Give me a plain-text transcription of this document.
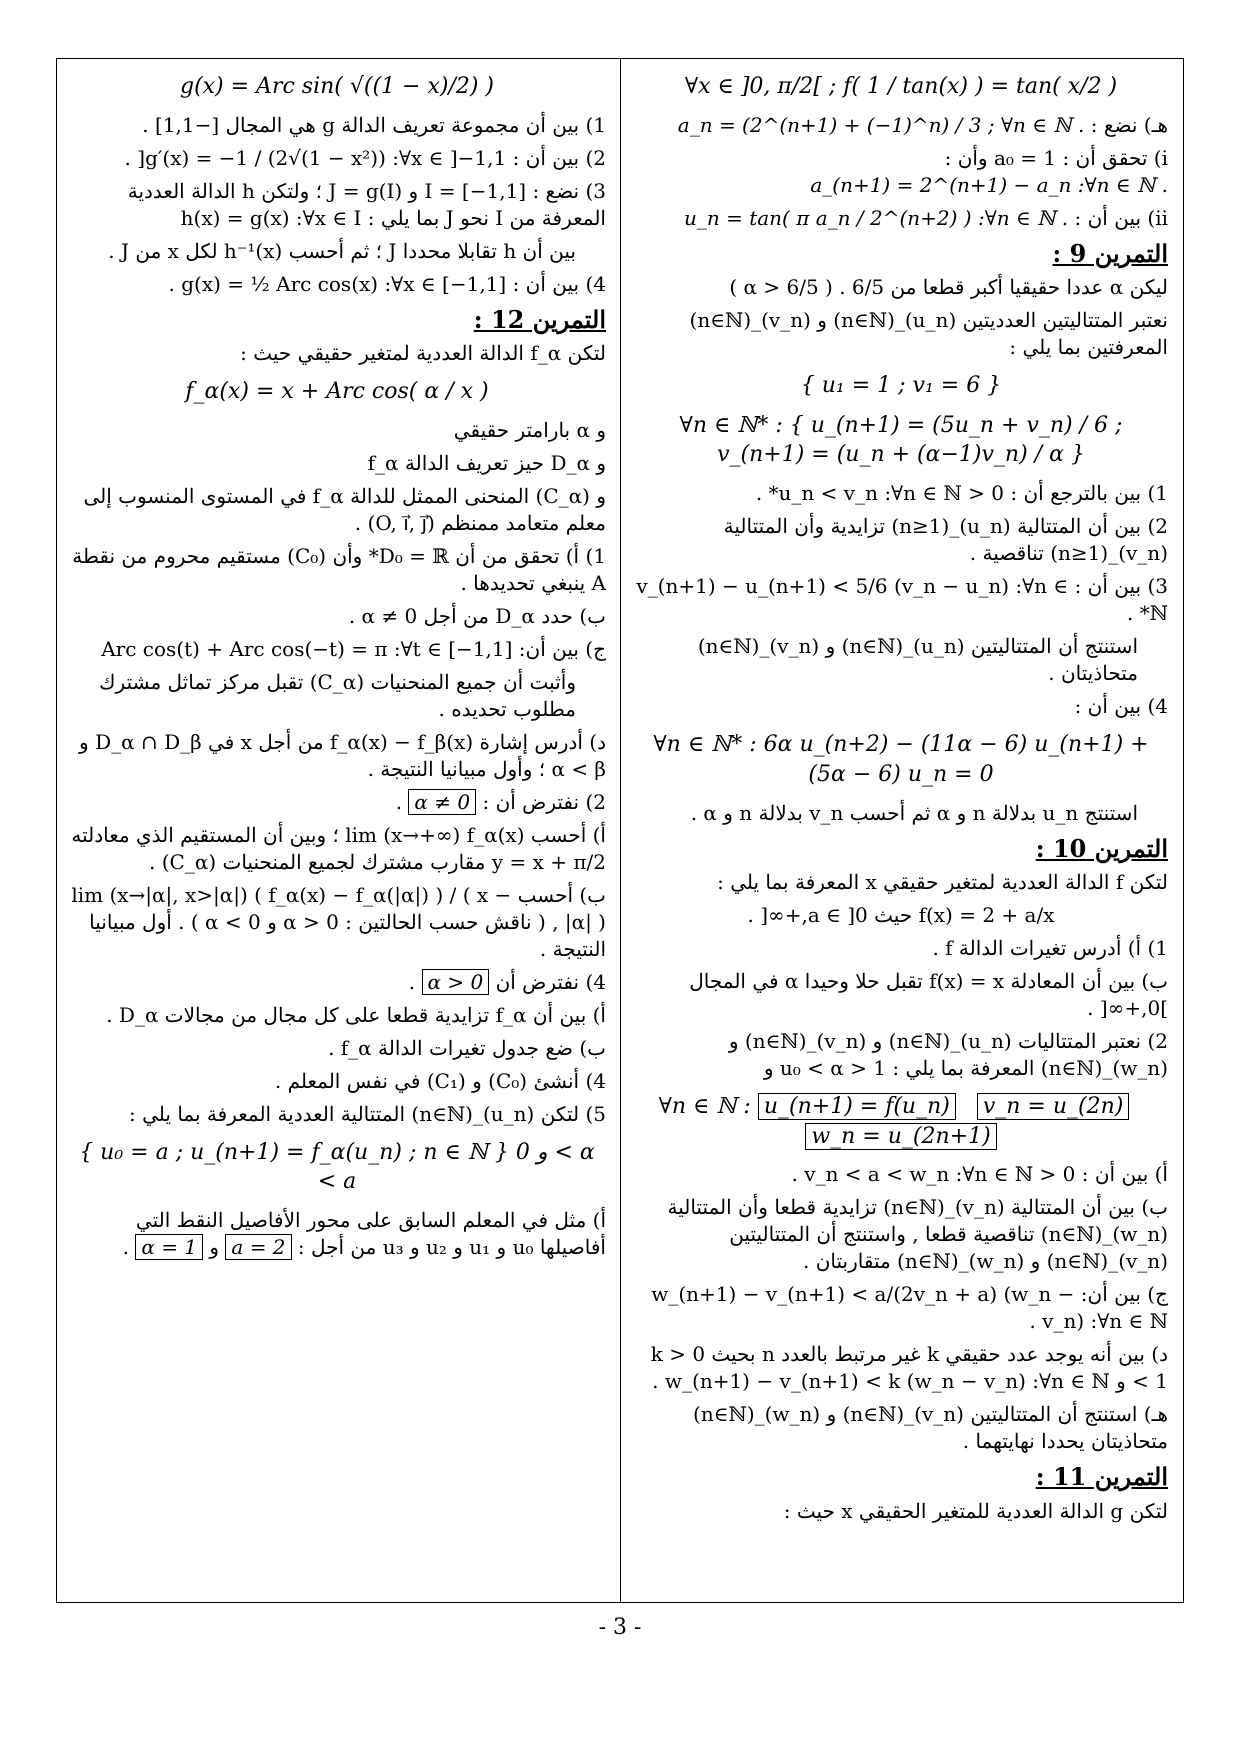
∀x ∈ ]0, π/2[ ; f( 1 / tan(x) ) = tan( x/2 )
هـ) نضع : a_n = (2^(n+1) + (−1)^n) / 3 ; ∀n ∈ ℕ .
i) تحقق أن : a₀ = 1 وأن : a_(n+1) = 2^(n+1) − a_n :∀n ∈ ℕ .
ii) بين أن : u_n = tan( π a_n / 2^(n+2) ) :∀n ∈ ℕ .
التمرين 9 :
ليكن α عددا حقيقيا أكبر قطعا من 6/5 . ( α > 6/5 )
نعتبر المتتاليتين العدديتين (u_n)_(n∈ℕ) و (v_n)_(n∈ℕ) المعرفتين بما يلي :
{ u₁ = 1 ; v₁ = 6 }
∀n ∈ ℕ* : { u_(n+1) = (5u_n + v_n) / 6 ; v_(n+1) = (u_n + (α−1)v_n) / α }
1) بين بالترجع أن : 0 < u_n < v_n :∀n ∈ ℕ* .
2) بين أن المتتالية (u_n)_(n≥1) تزايدية وأن المتتالية (v_n)_(n≥1) تناقصية .
3) بين أن : v_(n+1) − u_(n+1) < 5/6 (v_n − u_n) :∀n ∈ ℕ* .
استنتج أن المتتاليتين (u_n)_(n∈ℕ) و (v_n)_(n∈ℕ) متحاذيتان .
4) بين أن :
∀n ∈ ℕ* : 6α u_(n+2) − (11α − 6) u_(n+1) + (5α − 6) u_n = 0
استنتج u_n بدلالة n و α ثم أحسب v_n بدلالة n و α .
التمرين 10 :
لتكن f الدالة العددية لمتغير حقيقي x المعرفة بما يلي :
f(x) = 2 + a/x حيث a ∈ ]0,+∞[ .
1) أ) أدرس تغيرات الدالة f .
ب) بين أن المعادلة f(x) = x تقبل حلا وحيدا α في المجال ]0,+∞[ .
2) نعتبر المتتاليات (u_n)_(n∈ℕ) و (v_n)_(n∈ℕ) و (w_n)_(n∈ℕ) المعرفة بما يلي : 1 < u₀ < α و
∀n ∈ ℕ : u_(n+1) = f(u_n) v_n = u_(2n)   w_n = u_(2n+1)
أ) بين أن : 0 < v_n < a < w_n :∀n ∈ ℕ .
ب) بين أن المتتالية (v_n)_(n∈ℕ) تزايدية قطعا وأن المتتالية (w_n)_(n∈ℕ) تناقصية قطعا , واستنتج أن المتتاليتين (v_n)_(n∈ℕ) و (w_n)_(n∈ℕ) متقاربتان .
ج) بين أن: w_(n+1) − v_(n+1) < a/(2v_n + a) (w_n − v_n) :∀n ∈ ℕ .
د) بين أنه يوجد عدد حقيقي k غير مرتبط بالعدد n بحيث 0 < k < 1 و w_(n+1) − v_(n+1) < k (w_n − v_n) :∀n ∈ ℕ .
هـ) استنتج أن المتتاليتين (v_n)_(n∈ℕ) و (w_n)_(n∈ℕ) متحاذيتان يحددا نهايتهما .
التمرين 11 :
لتكن g الدالة العددية للمتغير الحقيقي x حيث :
g(x) = Arc sin( √((1 − x)/2) )
1) بين أن مجموعة تعريف الدالة g هي المجال [−1,1] .
2) بين أن : g′(x) = −1 / (2√(1 − x²)) :∀x ∈ ]−1,1[ .
3) نضع : I = [−1,1] و J = g(I) ؛ ولتكن h الدالة العددية المعرفة من I نحو J بما يلي : h(x) = g(x) :∀x ∈ I
بين أن h تقابلا محددا J ؛ ثم أحسب h⁻¹(x) لكل x من J .
4) بين أن : g(x) = ½ Arc cos(x) :∀x ∈ [−1,1] .
التمرين 12 :
لتكن f_α الدالة العددية لمتغير حقيقي حيث :
f_α(x) = x + Arc cos( α / x )
و α بارامتر حقيقي
و D_α حيز تعريف الدالة f_α
و (C_α) المنحنى الممثل للدالة f_α في المستوى المنسوب إلى معلم متعامد ممنظم (O, i⃗, j⃗) .
1) أ) تحقق من أن D₀ = ℝ* وأن (C₀) مستقيم محروم من نقطة A ينبغي تحديدها .
ب) حدد D_α من أجل α ≠ 0 .
ج) بين أن: Arc cos(t) + Arc cos(−t) = π :∀t ∈ [−1,1]
وأثبت أن جميع المنحنيات (C_α) تقبل مركز تماثل مشترك مطلوب تحديده .
د) أدرس إشارة f_α(x) − f_β(x) من أجل x في D_α ∩ D_β و α < β ؛ وأول مبيانيا النتيجة .
2) نفترض أن : α ≠ 0 .
أ) أحسب lim (x→+∞) f_α(x) ؛ وبين أن المستقيم الذي معادلته y = x + π/2 مقارب مشترك لجميع المنحنيات (C_α) .
ب) أحسب lim (x→|α|, x>|α|) ( f_α(x) − f_α(|α|) ) / ( x − |α| ) , ( ناقش حسب الحالتين : α > 0 و α < 0 ) . أول مبيانيا النتيجة .
4) نفترض أن α > 0 .
أ) بين أن f_α تزايدية قطعا على كل مجال من مجالات D_α .
ب) ضع جدول تغيرات الدالة f_α .
4) أنشئ (C₀) و (C₁) في نفس المعلم .
5) لتكن (u_n)_(n∈ℕ) المتتالية العددية المعرفة بما يلي :
{ u₀ = a ; u_(n+1) = f_α(u_n) ; n ∈ ℕ } و 0 < α < a
أ) مثل في المعلم السابق على محور الأفاصيل النقط التي أفاصيلها u₀ و u₁ و u₂ و u₃ من أجل : a = 2 و α = 1 .
- 3 -
